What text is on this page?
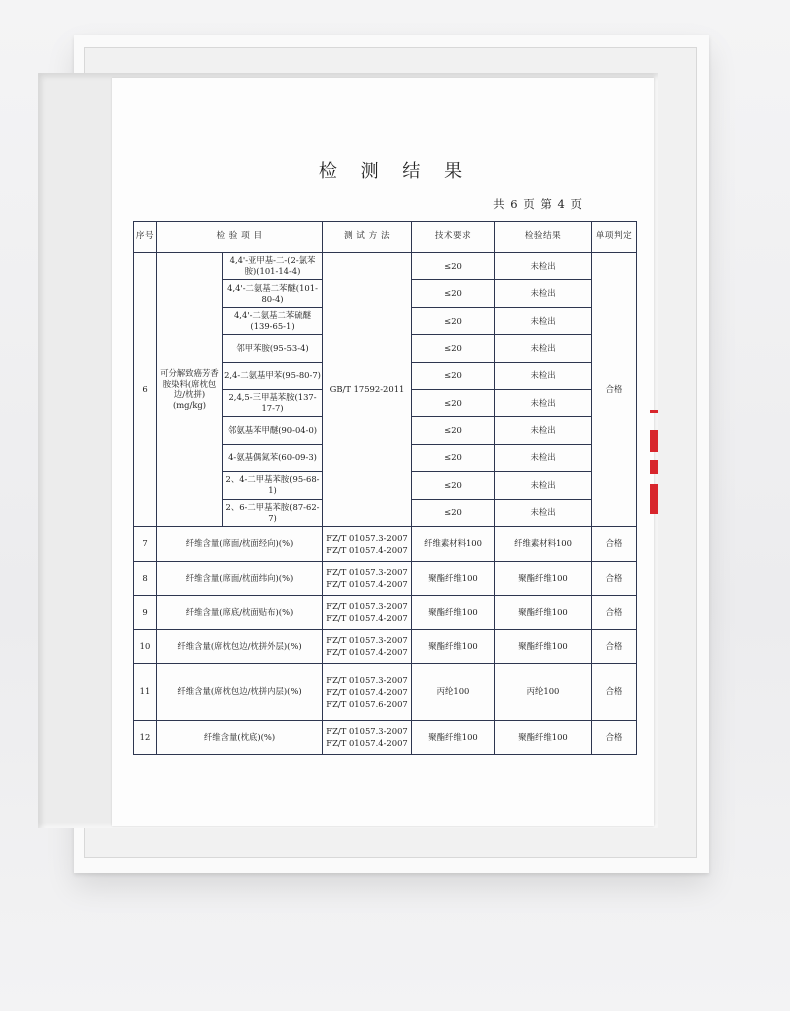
检 测 结 果
共 6 页 第 4 页
序号	检 验 项 目		测 试 方 法	技术要求	检验结果	单项判定
6	可分解致癌芳香胺染料(席枕包边/枕拼)(mg/kg)	4,4'-亚甲基-二-(2-氯苯胺)(101-14-4)	GB/T 17592-2011	≤20	未检出	合格
		4,4'-二氨基二苯醚(101-80-4)		≤20	未检出	
		4,4'-二氨基二苯硫醚(139-65-1)		≤20	未检出	
		邻甲苯胺(95-53-4)		≤20	未检出	
		2,4-二氨基甲苯(95-80-7)		≤20	未检出	
		2,4,5-三甲基苯胺(137-17-7)		≤20	未检出	
		邻氨基苯甲醚(90-04-0)		≤20	未检出	
		4-氨基偶氮苯(60-09-3)		≤20	未检出	
		2、4-二甲基苯胺(95-68-1)		≤20	未检出	
		2、6-二甲基苯胺(87-62-7)		≤20	未检出	
7	纤维含量(席面/枕面经向)(%)		FZ/T 01057.3-2007
FZ/T 01057.4-2007	纤维素材料100	纤维素材料100	合格
8	纤维含量(席面/枕面纬向)(%)		FZ/T 01057.3-2007
FZ/T 01057.4-2007	聚酯纤维100	聚酯纤维100	合格
9	纤维含量(席底/枕面贴布)(%)		FZ/T 01057.3-2007
FZ/T 01057.4-2007	聚酯纤维100	聚酯纤维100	合格
10	纤维含量(席枕包边/枕拼外层)(%)		FZ/T 01057.3-2007
FZ/T 01057.4-2007	聚酯纤维100	聚酯纤维100	合格
11	纤维含量(席枕包边/枕拼内层)(%)		FZ/T 01057.3-2007
FZ/T 01057.4-2007
FZ/T 01057.6-2007	丙纶100	丙纶100	合格
12	纤维含量(枕底)(%)		FZ/T 01057.3-2007
FZ/T 01057.4-2007	聚酯纤维100	聚酯纤维100	合格
